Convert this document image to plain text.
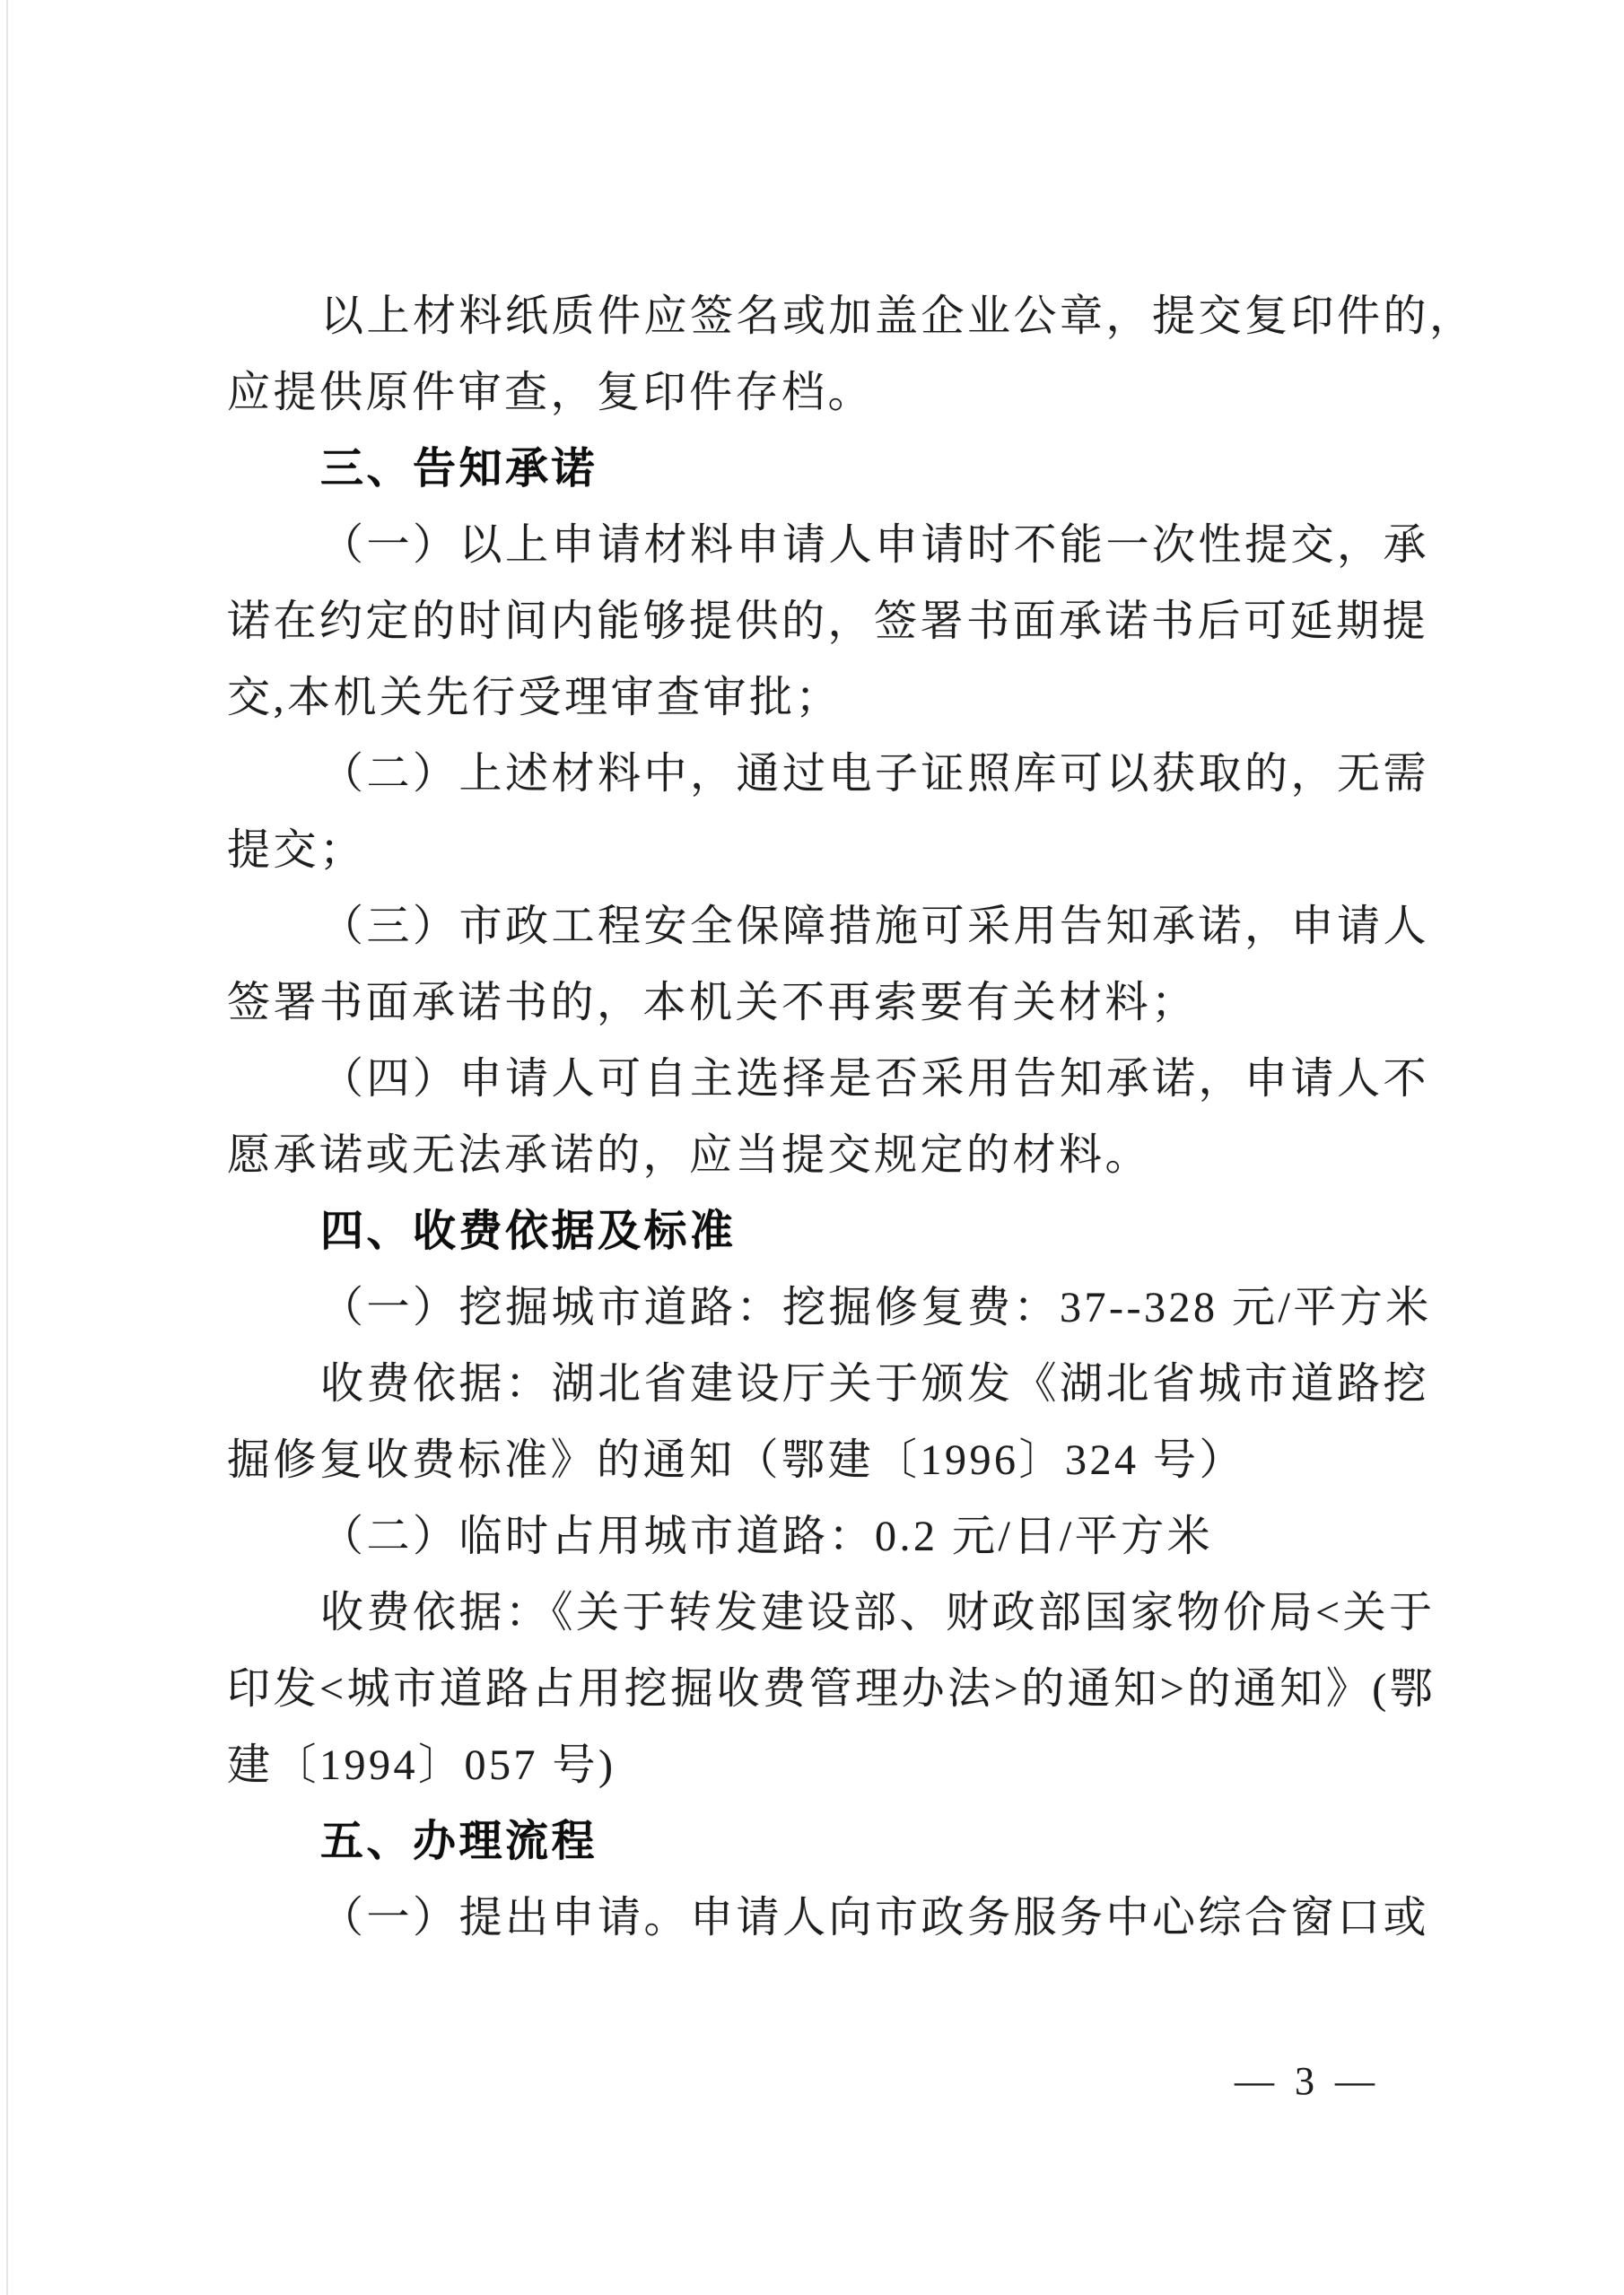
以上材料纸质件应签名或加盖企业公章，提交复印件的，
应提供原件审查，复印件存档。
三、告知承诺
（一）以上申请材料申请人申请时不能一次性提交，承
诺在约定的时间内能够提供的，签署书面承诺书后可延期提
交,本机关先行受理审查审批；
（二）上述材料中，通过电子证照库可以获取的，无需
提交；
（三）市政工程安全保障措施可采用告知承诺，申请人
签署书面承诺书的，本机关不再索要有关材料；
（四）申请人可自主选择是否采用告知承诺，申请人不
愿承诺或无法承诺的，应当提交规定的材料。
四、收费依据及标准
（一）挖掘城市道路：挖掘修复费：37--328 元/平方米
收费依据：湖北省建设厅关于颁发《湖北省城市道路挖
掘修复收费标准》的通知（鄂建〔1996〕324 号）
（二）临时占用城市道路：0.2 元/日/平方米
收费依据：《关于转发建设部、财政部国家物价局<关于
印发<城市道路占用挖掘收费管理办法>的通知>的通知》(鄂
建〔1994〕057 号)
五、办理流程
（一）提出申请。申请人向市政务服务中心综合窗口或
— 3 —
